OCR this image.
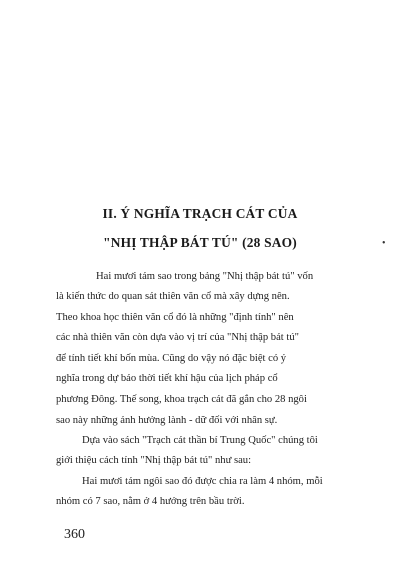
II. Ý NGHĨA TRẠCH CÁT CỦA
"NHỊ THẬP BÁT TÚ" (28 SAO)	•
Hai mươi tám sao trong bảng "Nhị thập bát tú" vốn
là kiến thức do quan sát thiên văn cổ mà xây dựng nên.
Theo khoa học thiên văn cổ đó là những "định tính" nên
các nhà thiên văn còn dựa vào vị trí của "Nhị thập bát tú"
để tính tiết khí bốn mùa. Cũng do vậy nó đặc biệt có ý
nghĩa trong dự báo thời tiết khí hậu của lịch pháp cổ
phương Đông. Thế song, khoa trạch cát đã gắn cho 28 ngôi
sao này những ảnh hưởng lành - dữ đối với nhân sự.
Dựa vào sách "Trạch cát thần bí Trung Quốc" chúng tôi
giới thiệu cách tính "Nhị thập bát tú" như sau:
Hai mươi tám ngôi sao đó được chia ra làm 4 nhóm, mỗi
nhóm có 7 sao, nằm ở 4 hướng trên bầu trời.
360
